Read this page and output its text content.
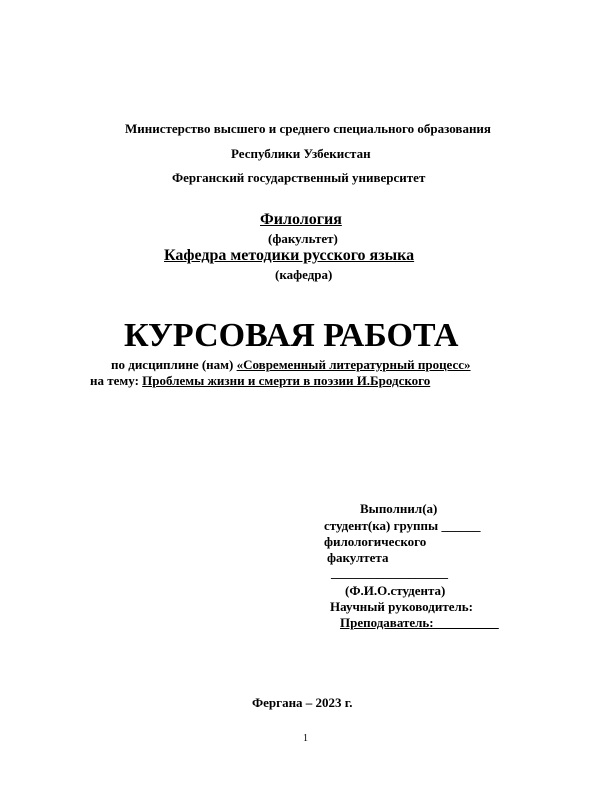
Министерство высшего и среднего специального образования
Республики Узбекистан
Ферганский государственный университет
Филология
(факультет)
Кафедра методики русского языка
(кафедра)
КУРСОВАЯ РАБОТА
по дисциплине (нам) «Современный литературный процесс»
на тему: Проблемы жизни и смерти в поэзии И.Бродского
Выполнил(а)
студент(ка) группы ______
филологического
факултета
__________________
(Ф.И.О.студента)
Научный руководитель:
Преподаватель:__________
Фергана – 2023 г.
1
